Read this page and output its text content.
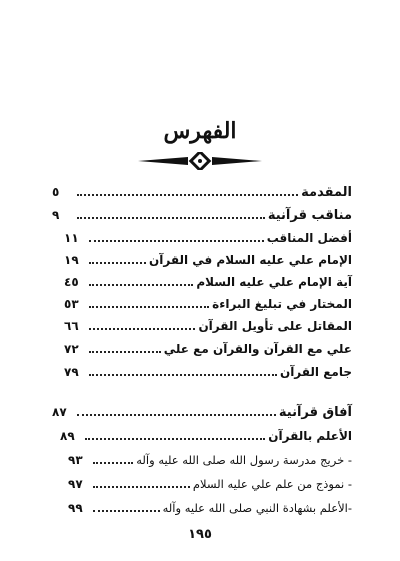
الفهرس
المقدمة
٥
مناقب قرآنية
٩
أفضل المناقب
١١
الإمام علي عليه السلام في القرآن
١٩
آية الإمام علي عليه السلام
٤٥
المختار في تبليغ البراءة
٥٣
المقاتل على تأويل القرآن
٦٦
علي مع القرآن والقرآن مع علي
٧٢
جامع القرآن
٧٩
آفاق قرآنية
٨٧
الأعلم بالقرآن
٨٩
- خريج مدرسة رسول الله صلى الله عليه وآله
٩٣
- نموذج من علم علي عليه السلام
٩٧
-الأعلم بشهادة النبي صلى الله عليه وآله
٩٩
١٩٥
